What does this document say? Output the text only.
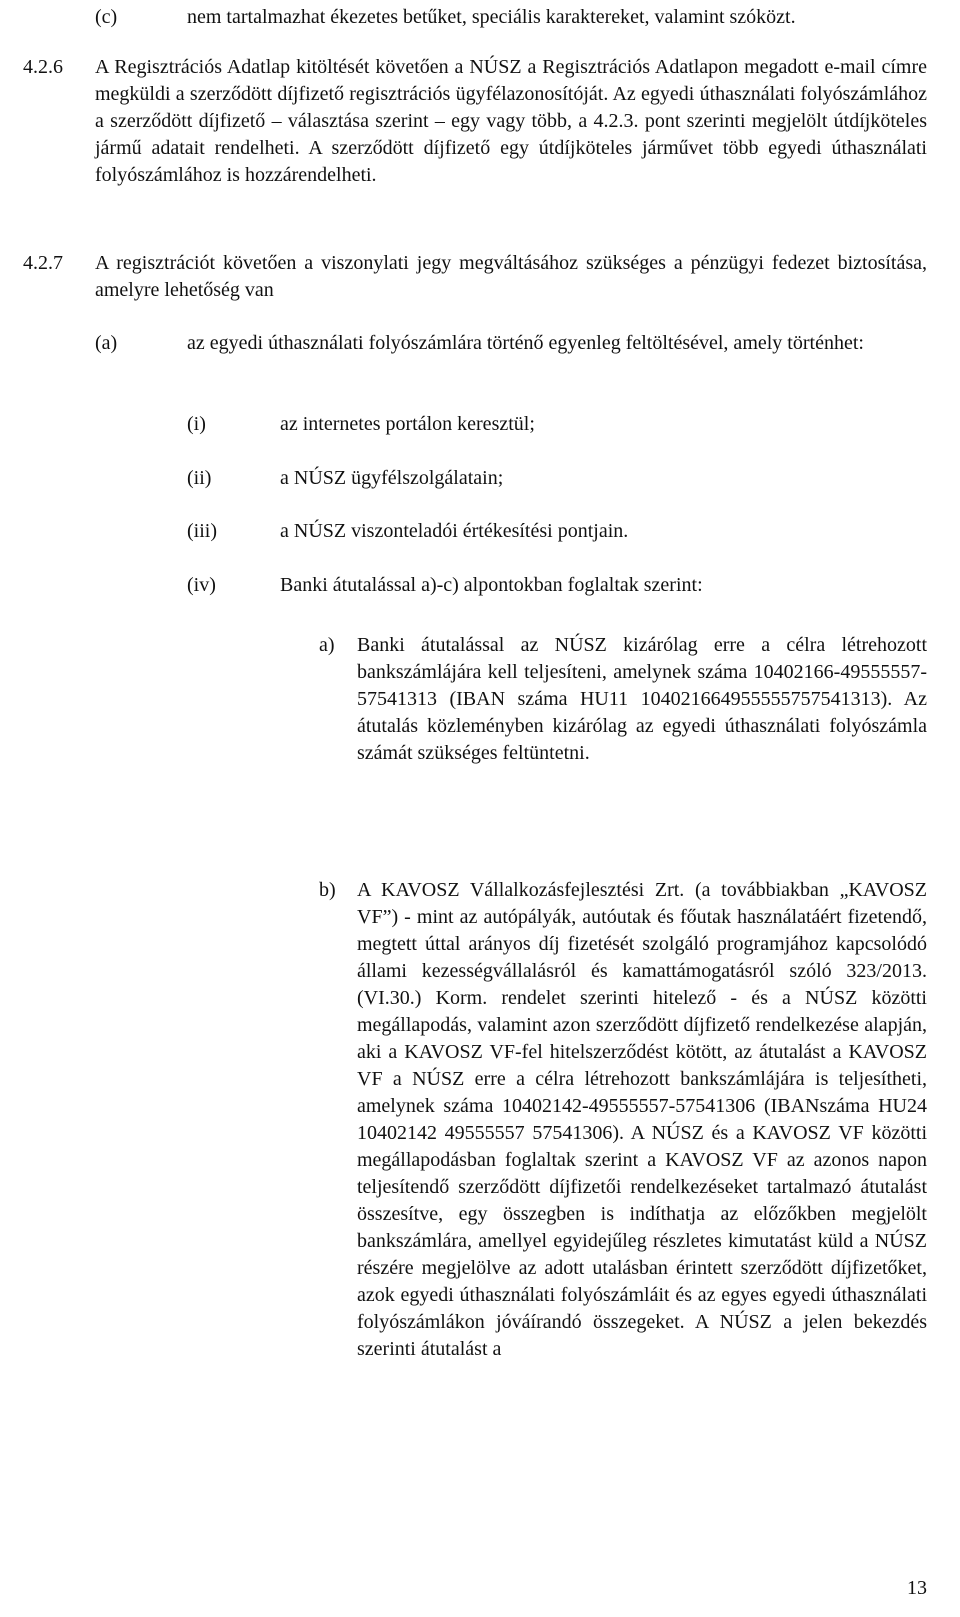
(c)	nem tartalmazhat ékezetes betűket, speciális karaktereket, valamint szóközt.
4.2.6 A Regisztrációs Adatlap kitöltését követően a NÚSZ a Regisztrációs Adatlapon megadott e-mail címre megküldi a szerződött díjfizető regisztrációs ügyfélazonosítóját. Az egyedi úthasználati folyószámlához a szerződött díjfizető – választása szerint – egy vagy több, a 4.2.3. pont szerinti megjelölt útdíjköteles jármű adatait rendelheti. A szerződött díjfizető egy útdíjköteles járművet több egyedi úthasználati folyószámlához is hozzárendelheti.
4.2.7 A regisztrációt követően a viszonylati jegy megváltásához szükséges a pénzügyi fedezet biztosítása, amelyre lehetőség van
(a)	az egyedi úthasználati folyószámlára történő egyenleg feltöltésével, amely történhet:
(i)	az internetes portálon keresztül;
(ii)	a NÚSZ ügyfélszolgálatain;
(iii)	a NÚSZ viszonteladói értékesítési pontjain.
(iv)	Banki átutalással a)-c) alpontokban foglaltak szerint:
a) Banki átutalással az NÚSZ kizárólag erre a célra létrehozott bankszámlájára kell teljesíteni, amelynek száma 10402166-49555557-57541313 (IBAN száma HU11 104021664955555757541313). Az átutalás közleményben kizárólag az egyedi úthasználati folyószámla számát szükséges feltüntetni.
b) A KAVOSZ Vállalkozásfejlesztési Zrt. (a továbbiakban „KAVOSZ VF”) - mint az autópályák, autóutak és főutak használatáért fizetendő, megtett úttal arányos díj fizetését szolgáló programjához kapcsolódó állami kezességvállalásról és kamattámogatásról szóló 323/2013. (VI.30.) Korm. rendelet szerinti hitelező - és a NÚSZ közötti megállapodás, valamint azon szerződött díjfizető rendelkezése alapján, aki a KAVOSZ VF-fel hitelszerződést kötött, az átutalást a KAVOSZ VF a NÚSZ erre a célra létrehozott bankszámlájára is teljesítheti, amelynek száma 10402142-49555557-57541306 (IBANszáma HU24 10402142 49555557 57541306). A NÚSZ és a KAVOSZ VF közötti megállapodásban foglaltak szerint a KAVOSZ VF az azonos napon teljesítendő szerződött díjfizetői rendelkezéseket tartalmazó átutalást összesítve, egy összegben is indíthatja az előzőkben megjelölt bankszámlára, amellyel egyidejűleg részletes kimutatást küld a NÚSZ részére megjelölve az adott utalásban érintett szerződött díjfizetőket, azok egyedi úthasználati folyószámláit és az egyes egyedi úthasználati folyószámlákon jóváírandó összegeket. A NÚSZ a jelen bekezdés szerinti átutalást a
13
